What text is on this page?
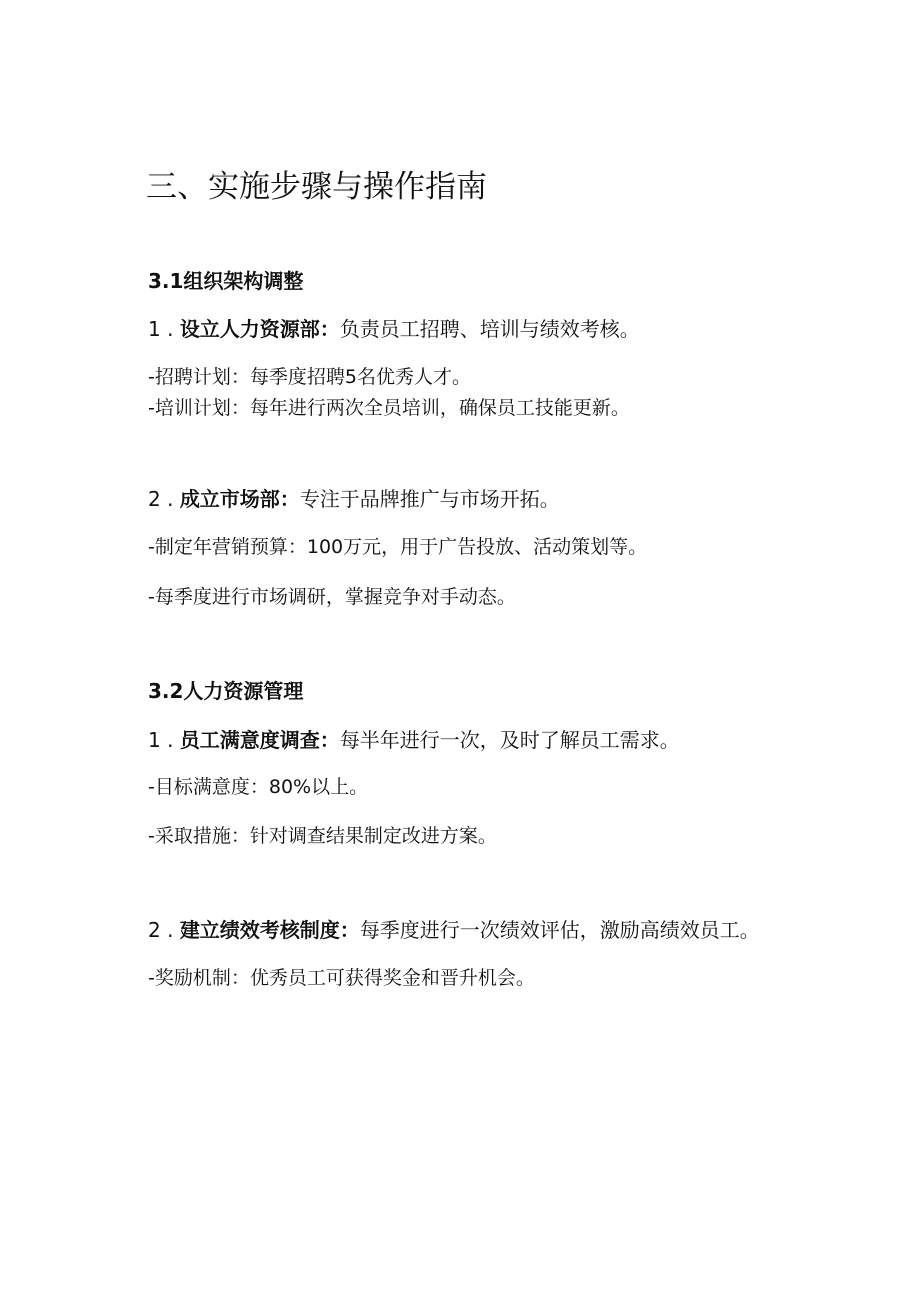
三、实施步骤与操作指南
3.1组织架构调整
1 . 设立人力资源部：负责员工招聘、培训与绩效考核。
-招聘计划：每季度招聘5名优秀人才。
-培训计划：每年进行两次全员培训，确保员工技能更新。
2 . 成立市场部：专注于品牌推广与市场开拓。
-制定年营销预算：100万元，用于广告投放、活动策划等。
-每季度进行市场调研，掌握竞争对手动态。
3.2人力资源管理
1 . 员工满意度调查：每半年进行一次，及时了解员工需求。
-目标满意度：80%以上。
-采取措施：针对调查结果制定改进方案。
2 . 建立绩效考核制度：每季度进行一次绩效评估，激励高绩效员工。
-奖励机制：优秀员工可获得奖金和晋升机会。
